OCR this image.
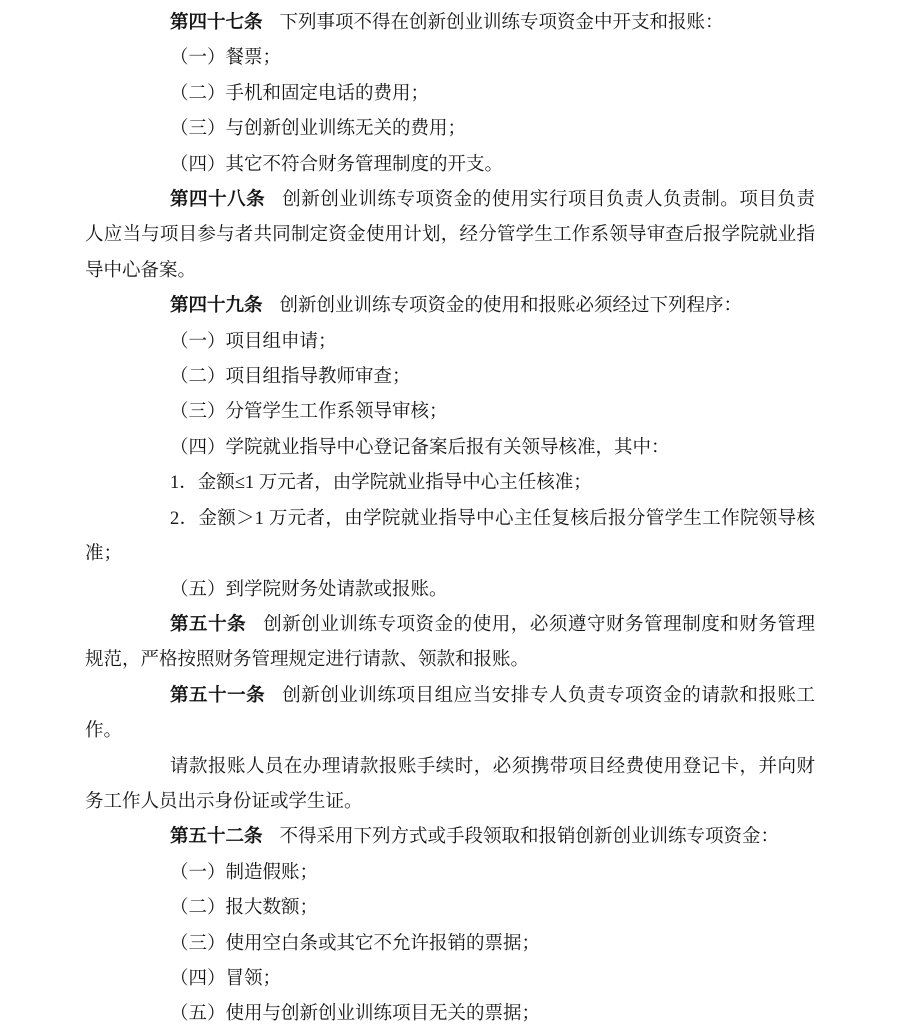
第四十七条 下列事项不得在创新创业训练专项资金中开支和报账：

（一）餐票；

（二）手机和固定电话的费用；

（三）与创新创业训练无关的费用；

（四）其它不符合财务管理制度的开支。

第四十八条 创新创业训练专项资金的使用实行项目负责人负责制。项目负责人应当与项目参与者共同制定资金使用计划，经分管学生工作系领导审查后报学院就业指导中心备案。

第四十九条 创新创业训练专项资金的使用和报账必须经过下列程序：

（一）项目组申请；

（二）项目组指导教师审查；

（三）分管学生工作系领导审核；

（四）学院就业指导中心登记备案后报有关领导核准，其中：

1．金额≤1 万元者，由学院就业指导中心主任核准；

2．金额＞1 万元者，由学院就业指导中心主任复核后报分管学生工作院领导核准；

（五）到学院财务处请款或报账。

第五十条 创新创业训练专项资金的使用，必须遵守财务管理制度和财务管理规范，严格按照财务管理规定进行请款、领款和报账。

第五十一条 创新创业训练项目组应当安排专人负责专项资金的请款和报账工作。

请款报账人员在办理请款报账手续时，必须携带项目经费使用登记卡，并向财务工作人员出示身份证或学生证。

第五十二条 不得采用下列方式或手段领取和报销创新创业训练专项资金：

（一）制造假账；

（二）报大数额；

（三）使用空白条或其它不允许报销的票据；

（四）冒领；

（五）使用与创新创业训练项目无关的票据；
